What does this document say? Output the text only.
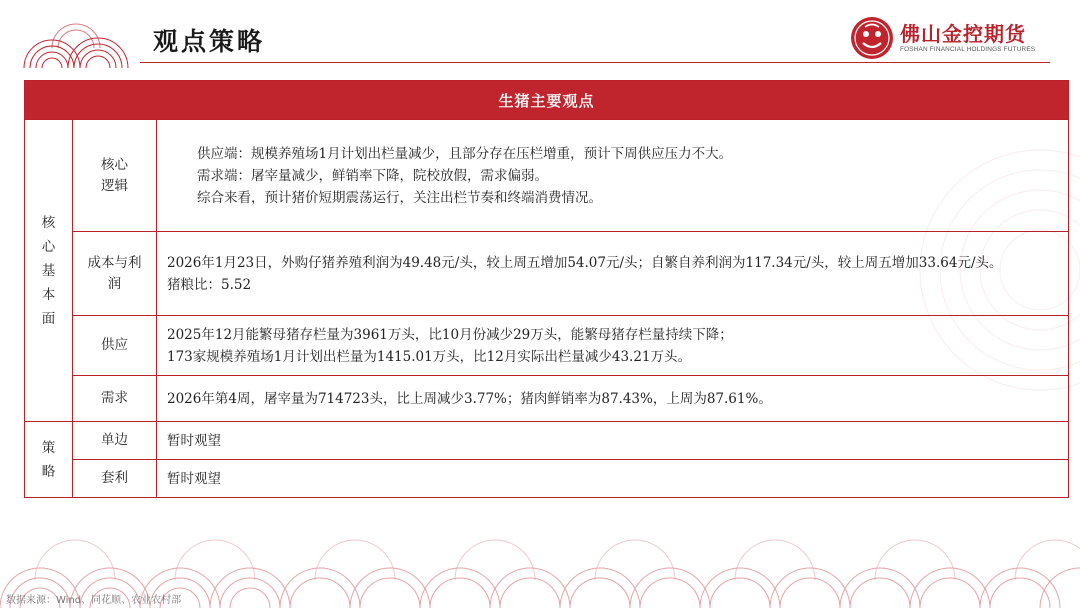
观点策略	佛山金控期货
FOSHAN FINANCIAL HOLDINGS FUTURES
生猪主要观点		
核心基本面	核心逻辑	供应端：规模养殖场1月计划出栏量减少，且部分存在压栏增重，预计下周供应压力不大。
需求端：屠宰量减少，鲜销率下降，院校放假，需求偏弱。
综合来看，预计猪价短期震荡运行，关注出栏节奏和终端消费情况。

	成本与利润	2026年1月23日，外购仔猪养殖利润为49.48元/头，较上周五增加54.07元/头；自繁自养利润为117.34元/头，较上周五增加33.64元/头。
猪粮比：5.52

	供应	2025年12月能繁母猪存栏量为3961万头，比10月份减少29万头，能繁母猪存栏量持续下降；
173家规模养殖场1月计划出栏量为1415.01万头，比12月实际出栏量减少43.21万头。

	需求	2026年第4周，屠宰量为714723头，比上周减少3.77%；猪肉鲜销率为87.43%，上周为87.61%。

策略	单边	暂时观望

	套利	暂时观望
数据来源：Wind、同花顺、农业农村部
